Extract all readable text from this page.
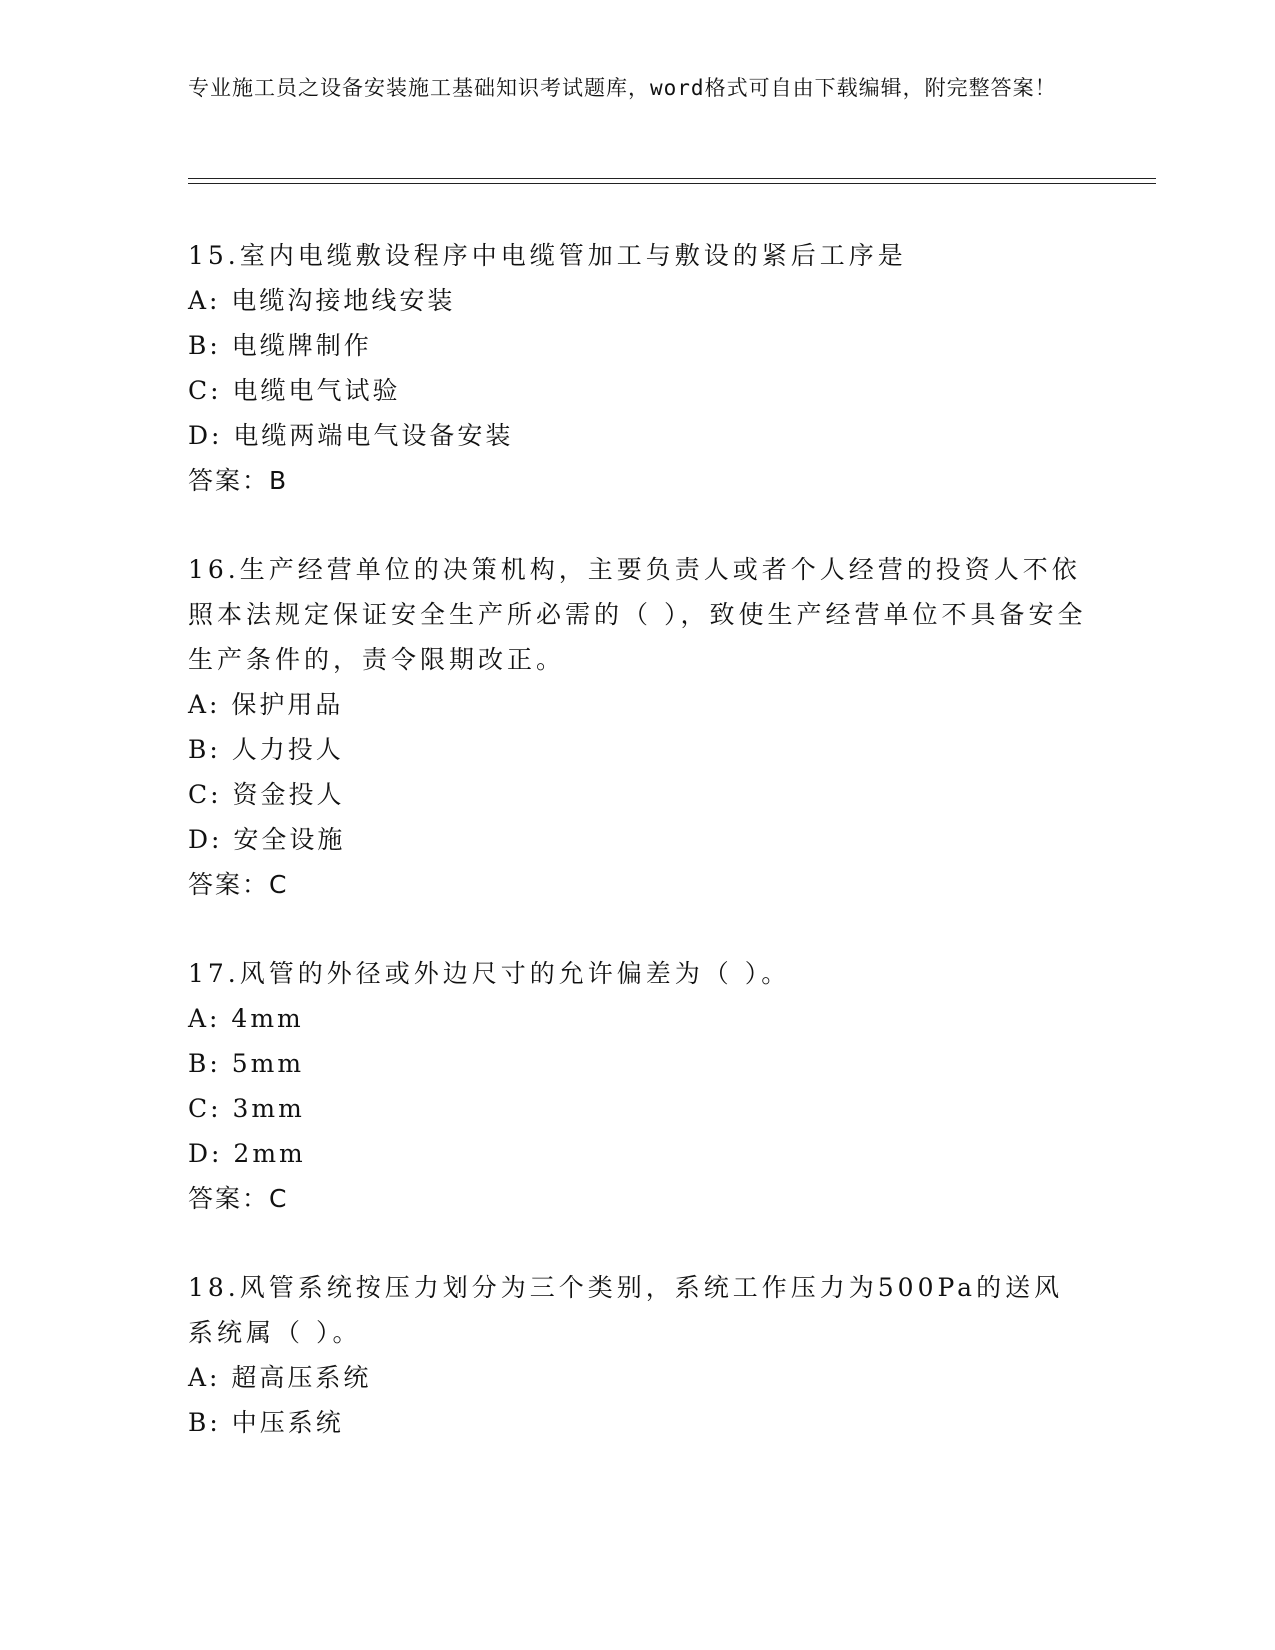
专业施工员之设备安装施工基础知识考试题库，word格式可自由下载编辑，附完整答案！

15.室内电缆敷设程序中电缆管加工与敷设的紧后工序是

A: 电缆沟接地线安装

B: 电缆牌制作

C: 电缆电气试验

D: 电缆两端电气设备安装

答案：B

16.生产经营单位的决策机构，主要负责人或者个人经营的投资人不依照本法规定保证安全生产所必需的（ ），致使生产经营单位不具备安全生产条件的，责令限期改正。

A: 保护用品

B: 人力投人

C: 资金投人

D: 安全设施

答案：C

17.风管的外径或外边尺寸的允许偏差为（ ）。

A: 4mm

B: 5mm

C: 3mm

D: 2mm

答案：C

18.风管系统按压力划分为三个类别，系统工作压力为500Pa的送风系统属（ ）。

A: 超高压系统

B: 中压系统
